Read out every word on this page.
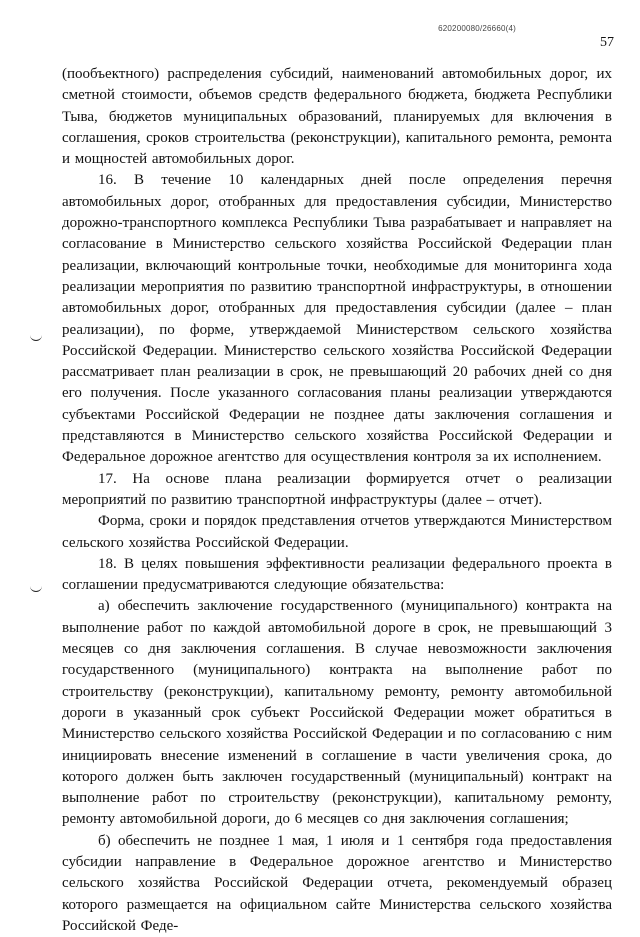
620200080/26660(4)
57

(пообъектного) распределения субсидий, наименований автомобильных дорог, их сметной стоимости, объемов средств федерального бюджета, бюджета Республики Тыва, бюджетов муниципальных образований, планируемых для включения в соглашения, сроков строительства (реконструкции), капитального ремонта, ремонта и мощностей автомобильных дорог.

16. В течение 10 календарных дней после определения перечня автомобильных дорог, отобранных для предоставления субсидии, Министерство дорожно-транспортного комплекса Республики Тыва разрабатывает и направляет на согласование в Министерство сельского хозяйства Российской Федерации план реализации, включающий контрольные точки, необходимые для мониторинга хода реализации мероприятия по развитию транспортной инфраструктуры, в отношении автомобильных дорог, отобранных для предоставления субсидии (далее – план реализации), по форме, утверждаемой Министерством сельского хозяйства Российской Федерации. Министерство сельского хозяйства Российской Федерации рассматривает план реализации в срок, не превышающий 20 рабочих дней со дня его получения. После указанного согласования планы реализации утверждаются субъектами Российской Федерации не позднее даты заключения соглашения и представляются в Министерство сельского хозяйства Российской Федерации и Федеральное дорожное агентство для осуществления контроля за их исполнением.

17. На основе плана реализации формируется отчет о реализации мероприятий по развитию транспортной инфраструктуры (далее – отчет).

Форма, сроки и порядок представления отчетов утверждаются Министерством сельского хозяйства Российской Федерации.

18. В целях повышения эффективности реализации федерального проекта в соглашении предусматриваются следующие обязательства:

а) обеспечить заключение государственного (муниципального) контракта на выполнение работ по каждой автомобильной дороге в срок, не превышающий 3 месяцев со дня заключения соглашения. В случае невозможности заключения государственного (муниципального) контракта на выполнение работ по строительству (реконструкции), капитальному ремонту, ремонту автомобильной дороги в указанный срок субъект Российской Федерации может обратиться в Министерство сельского хозяйства Российской Федерации и по согласованию с ним инициировать внесение изменений в соглашение в части увеличения срока, до которого должен быть заключен государственный (муниципальный) контракт на выполнение работ по строительству (реконструкции), капитальному ремонту, ремонту автомобильной дороги, до 6 месяцев со дня заключения соглашения;

б) обеспечить не позднее 1 мая, 1 июля и 1 сентября года предоставления субсидии направление в Федеральное дорожное агентство и Министерство сельского хозяйства Российской Федерации отчета, рекомендуемый образец которого размещается на официальном сайте Министерства сельского хозяйства Российской Феде-
